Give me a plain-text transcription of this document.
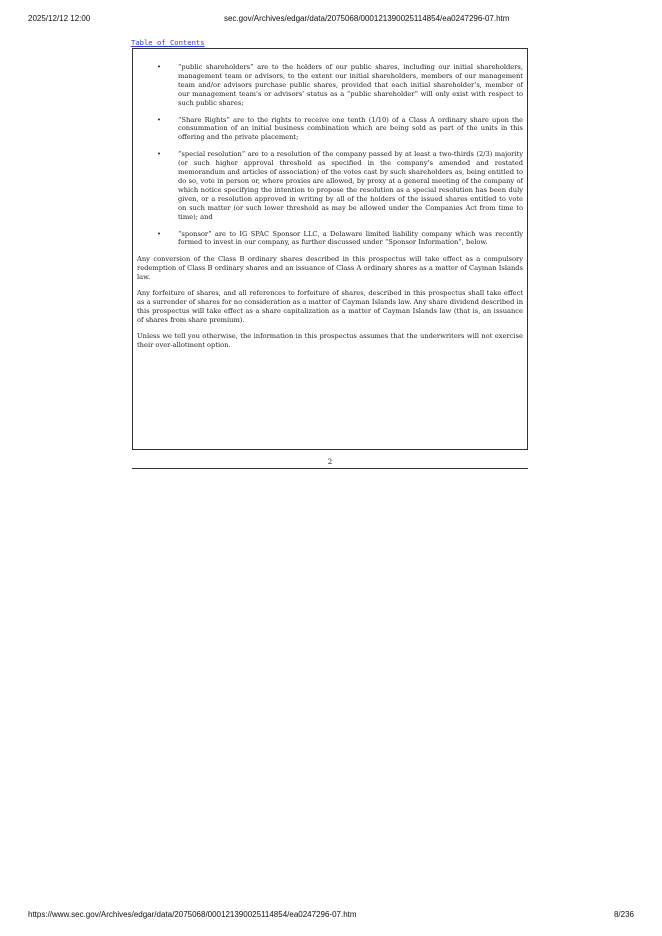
2025/12/12 12:00	sec.gov/Archives/edgar/data/2075068/000121390025114854/ea0247296-07.htm
Table of Contents
•	“public shareholders” are to the holders of our public shares, including our initial shareholders, management team or advisors, to the extent our initial shareholders, members of our management team and/or advisors purchase public shares, provided that each initial shareholder’s, member of our management team’s or advisors’ status as a “public shareholder” will only exist with respect to such public shares;
•	“Share Rights” are to the rights to receive one tenth (1/10) of a Class A ordinary share upon the consummation of an initial business combination which are being sold as part of the units in this offering and the private placement;
•	“special resolution” are to a resolution of the company passed by at least a two-thirds (2/3) majority (or such higher approval threshold as specified in the company’s amended and restated memorandum and articles of association) of the votes cast by such shareholders as, being entitled to do so, vote in person or, where proxies are allowed, by proxy at a general meeting of the company of which notice specifying the intention to propose the resolution as a special resolution has been duly given, or a resolution approved in writing by all of the holders of the issued shares entitled to vote on such matter (or such lower threshold as may be allowed under the Companies Act from time to time); and
•	“sponsor” are to IG SPAC Sponsor LLC, a Delaware limited liability company which was recently formed to invest in our company, as further discussed under “Sponsor Information”, below.

Any conversion of the Class B ordinary shares described in this prospectus will take effect as a compulsory redemption of Class B ordinary shares and an issuance of Class A ordinary shares as a matter of Cayman Islands law.

Any forfeiture of shares, and all references to forfeiture of shares, described in this prospectus shall take effect as a surrender of shares for no consideration as a matter of Cayman Islands law. Any share dividend described in this prospectus will take effect as a share capitalization as a matter of Cayman Islands law (that is, an issuance of shares from share premium).

Unless we tell you otherwise, the information in this prospectus assumes that the underwriters will not exercise their over-allotment option.

2
https://www.sec.gov/Archives/edgar/data/2075068/000121390025114854/ea0247296-07.htm	8/236
